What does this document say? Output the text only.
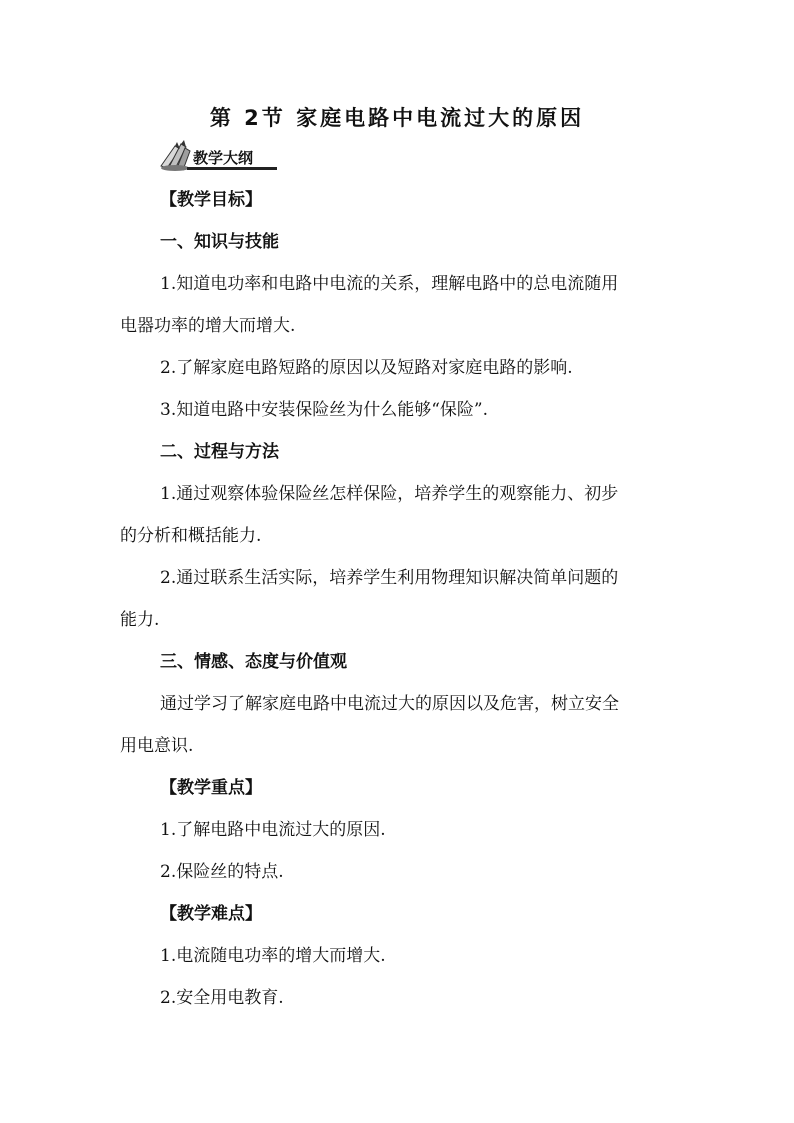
第 2节 家庭电路中电流过大的原因
教学大纲
【教学目标】
一、知识与技能
1.知道电功率和电路中电流的关系，理解电路中的总电流随用
电器功率的增大而增大.
2.了解家庭电路短路的原因以及短路对家庭电路的影响.
3.知道电路中安装保险丝为什么能够“保险”.
二、过程与方法
1.通过观察体验保险丝怎样保险，培养学生的观察能力、初步
的分析和概括能力.
2.通过联系生活实际，培养学生利用物理知识解决简单问题的
能力.
三、情感、态度与价值观
通过学习了解家庭电路中电流过大的原因以及危害，树立安全
用电意识.
【教学重点】
1.了解电路中电流过大的原因.
2.保险丝的特点.
【教学难点】
1.电流随电功率的增大而增大.
2.安全用电教育.
